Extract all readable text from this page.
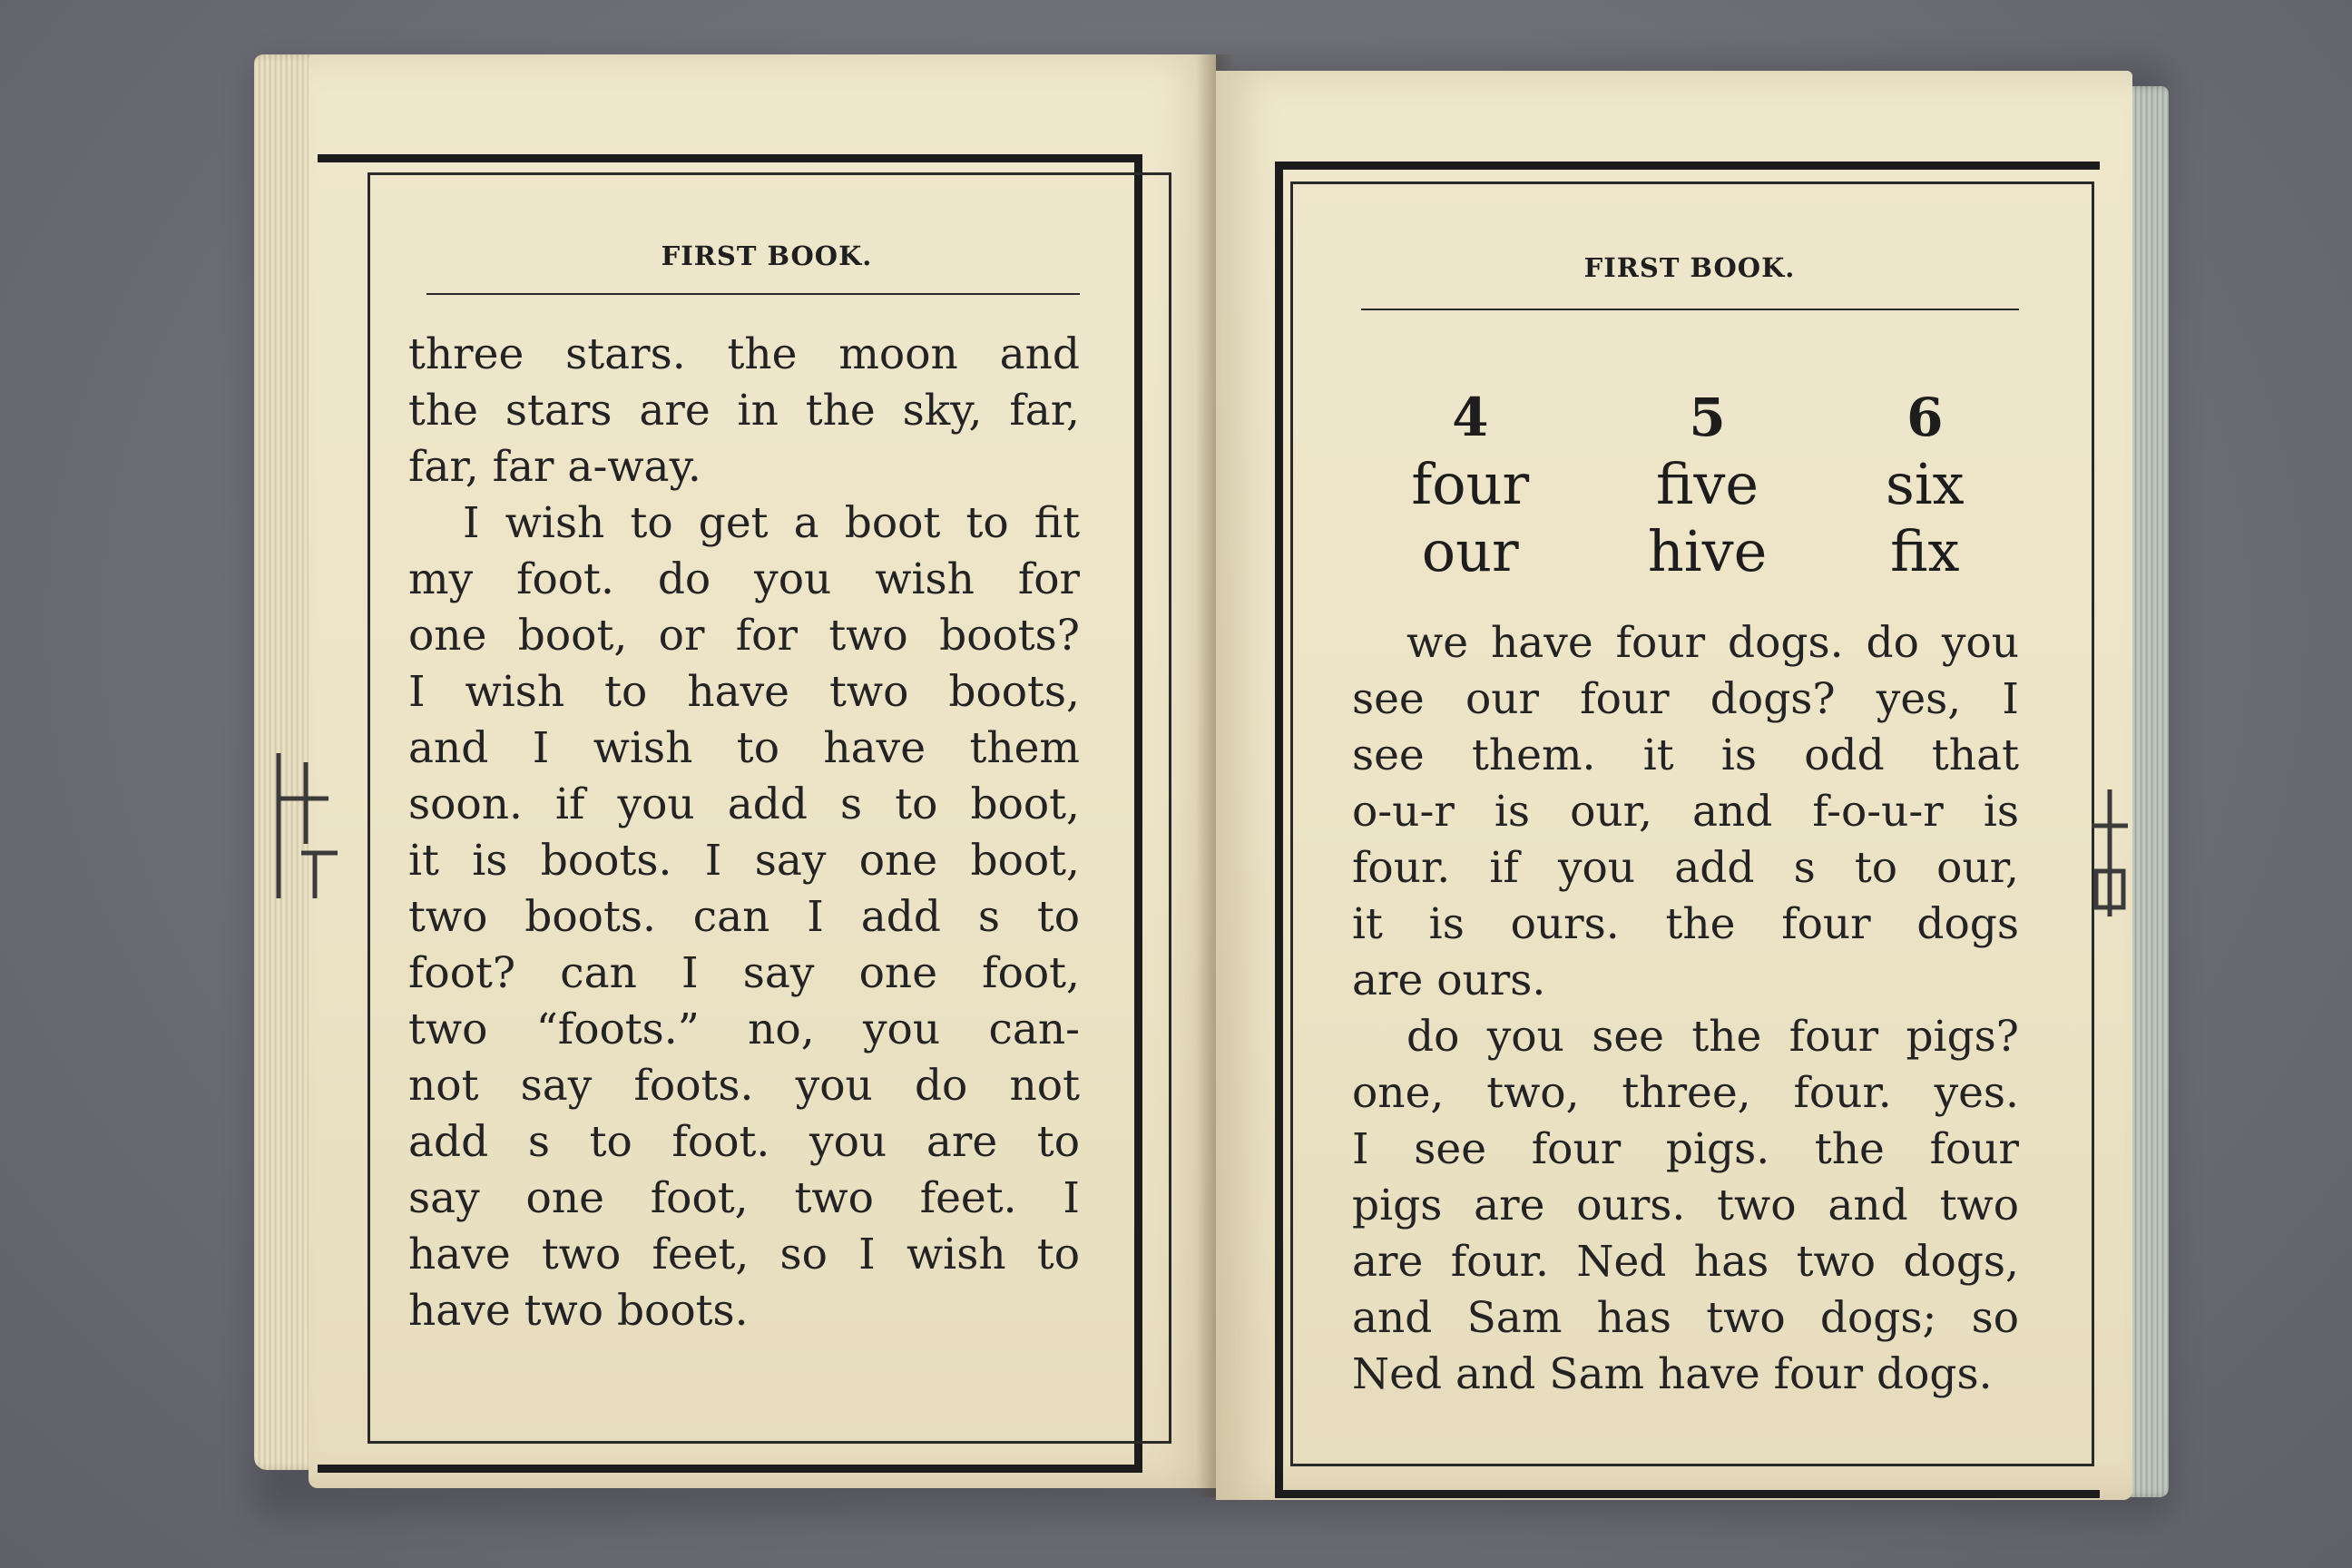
FIRST BOOK.
three stars. the moon and
the stars are in the sky, far,
far, far a-way.
I wish to get a boot to fit
my foot. do you wish for
one boot, or for two boots?
I wish to have two boots,
and I wish to have them
soon. if you add s to boot,
it is boots. I say one boot,
two boots. can I add s to
foot? can I say one foot,
two “foots.” no, you can-
not say foots. you do not
add s to foot. you are to
say one foot, two feet. I
have two feet, so I wish to
have two boots.
FIRST BOOK.
4
four
our
5
five
hive
6
six
fix
we have four dogs. do you
see our four dogs? yes, I
see them. it is odd that
o-u-r is our, and f-o-u-r is
four. if you add s to our,
it is ours. the four dogs
are ours.
do you see the four pigs?
one, two, three, four. yes.
I see four pigs. the four
pigs are ours. two and two
are four. Ned has two dogs,
and Sam has two dogs; so
Ned and Sam have four dogs.
